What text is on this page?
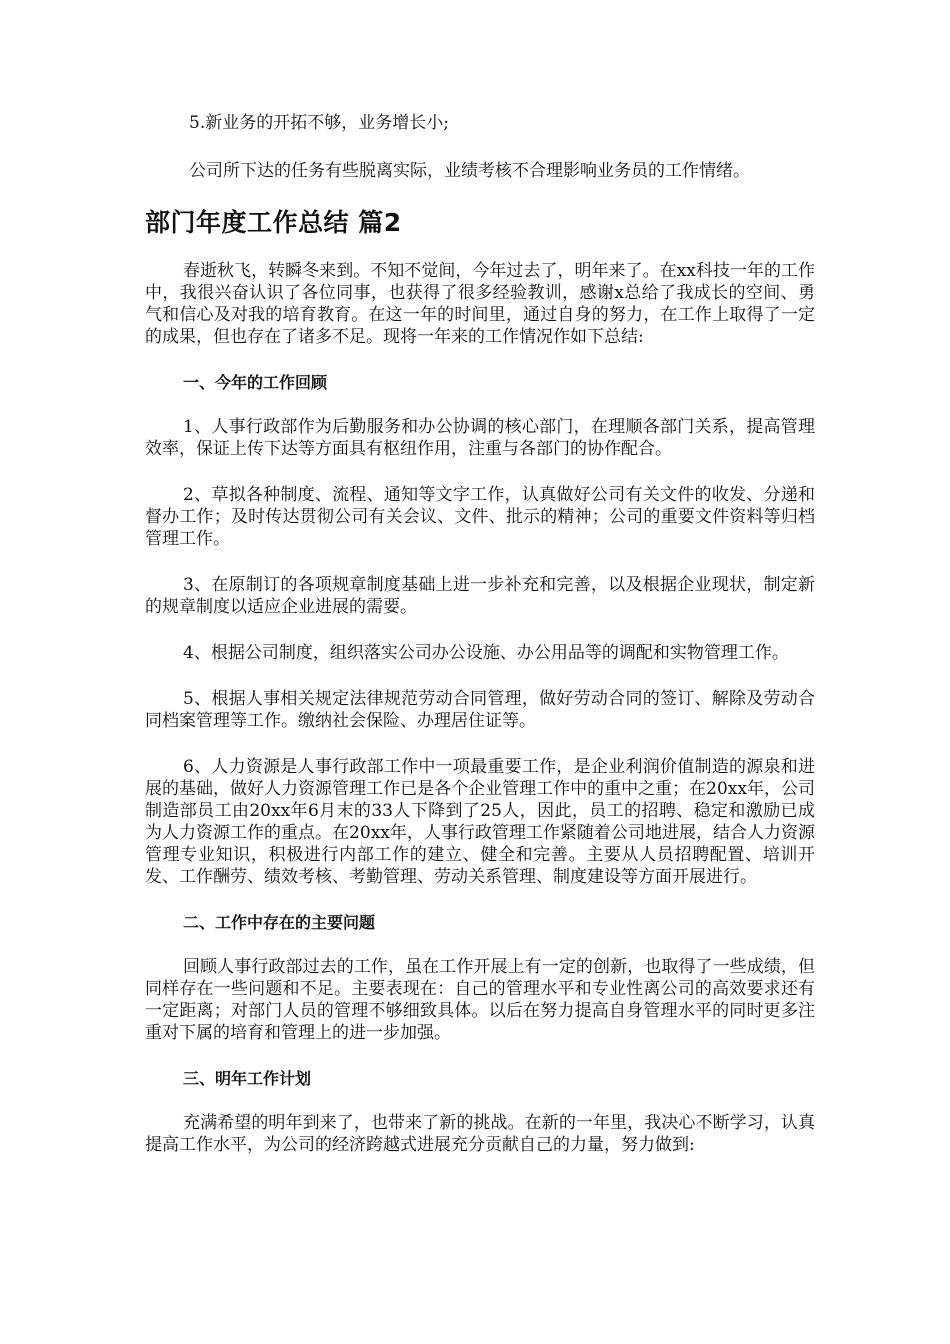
5.新业务的开拓不够，业务增长小;

公司所下达的任务有些脱离实际，业绩考核不合理影响业务员的工作情绪。

部门年度工作总结 篇2

春逝秋飞，转瞬冬来到。不知不觉间，今年过去了，明年来了。在xx科技一年的工作中，我很兴奋认识了各位同事，也获得了很多经验教训，感谢x总给了我成长的空间、勇气和信心及对我的培育教育。在这一年的时间里，通过自身的努力，在工作上取得了一定的成果，但也存在了诸多不足。现将一年来的工作情况作如下总结:

一、今年的工作回顾

1、人事行政部作为后勤服务和办公协调的核心部门，在理顺各部门关系，提高管理效率，保证上传下达等方面具有枢纽作用，注重与各部门的协作配合。

2、草拟各种制度、流程、通知等文字工作，认真做好公司有关文件的收发、分递和督办工作；及时传达贯彻公司有关会议、文件、批示的精神；公司的重要文件资料等归档管理工作。

3、在原制订的各项规章制度基础上进一步补充和完善，以及根据企业现状，制定新的规章制度以适应企业进展的需要。

4、根据公司制度，组织落实公司办公设施、办公用品等的调配和实物管理工作。

5、根据人事相关规定法律规范劳动合同管理，做好劳动合同的签订、解除及劳动合同档案管理等工作。缴纳社会保险、办理居住证等。

6、人力资源是人事行政部工作中一项最重要工作，是企业利润价值制造的源泉和进展的基础，做好人力资源管理工作已是各个企业管理工作中的重中之重；在20xx年，公司制造部员工由20xx年6月末的33人下降到了25人，因此，员工的招聘、稳定和激励已成为人力资源工作的重点。在20xx年，人事行政管理工作紧随着公司地进展，结合人力资源管理专业知识，积极进行内部工作的建立、健全和完善。主要从人员招聘配置、培训开发、工作酬劳、绩效考核、考勤管理、劳动关系管理、制度建设等方面开展进行。

二、工作中存在的主要问题

回顾人事行政部过去的工作，虽在工作开展上有一定的创新，也取得了一些成绩，但同样存在一些问题和不足。主要表现在：自己的管理水平和专业性离公司的高效要求还有一定距离；对部门人员的管理不够细致具体。以后在努力提高自身管理水平的同时更多注重对下属的培育和管理上的进一步加强。

三、明年工作计划

充满希望的明年到来了，也带来了新的挑战。在新的一年里，我决心不断学习，认真提高工作水平，为公司的经济跨越式进展充分贡献自己的力量，努力做到:
